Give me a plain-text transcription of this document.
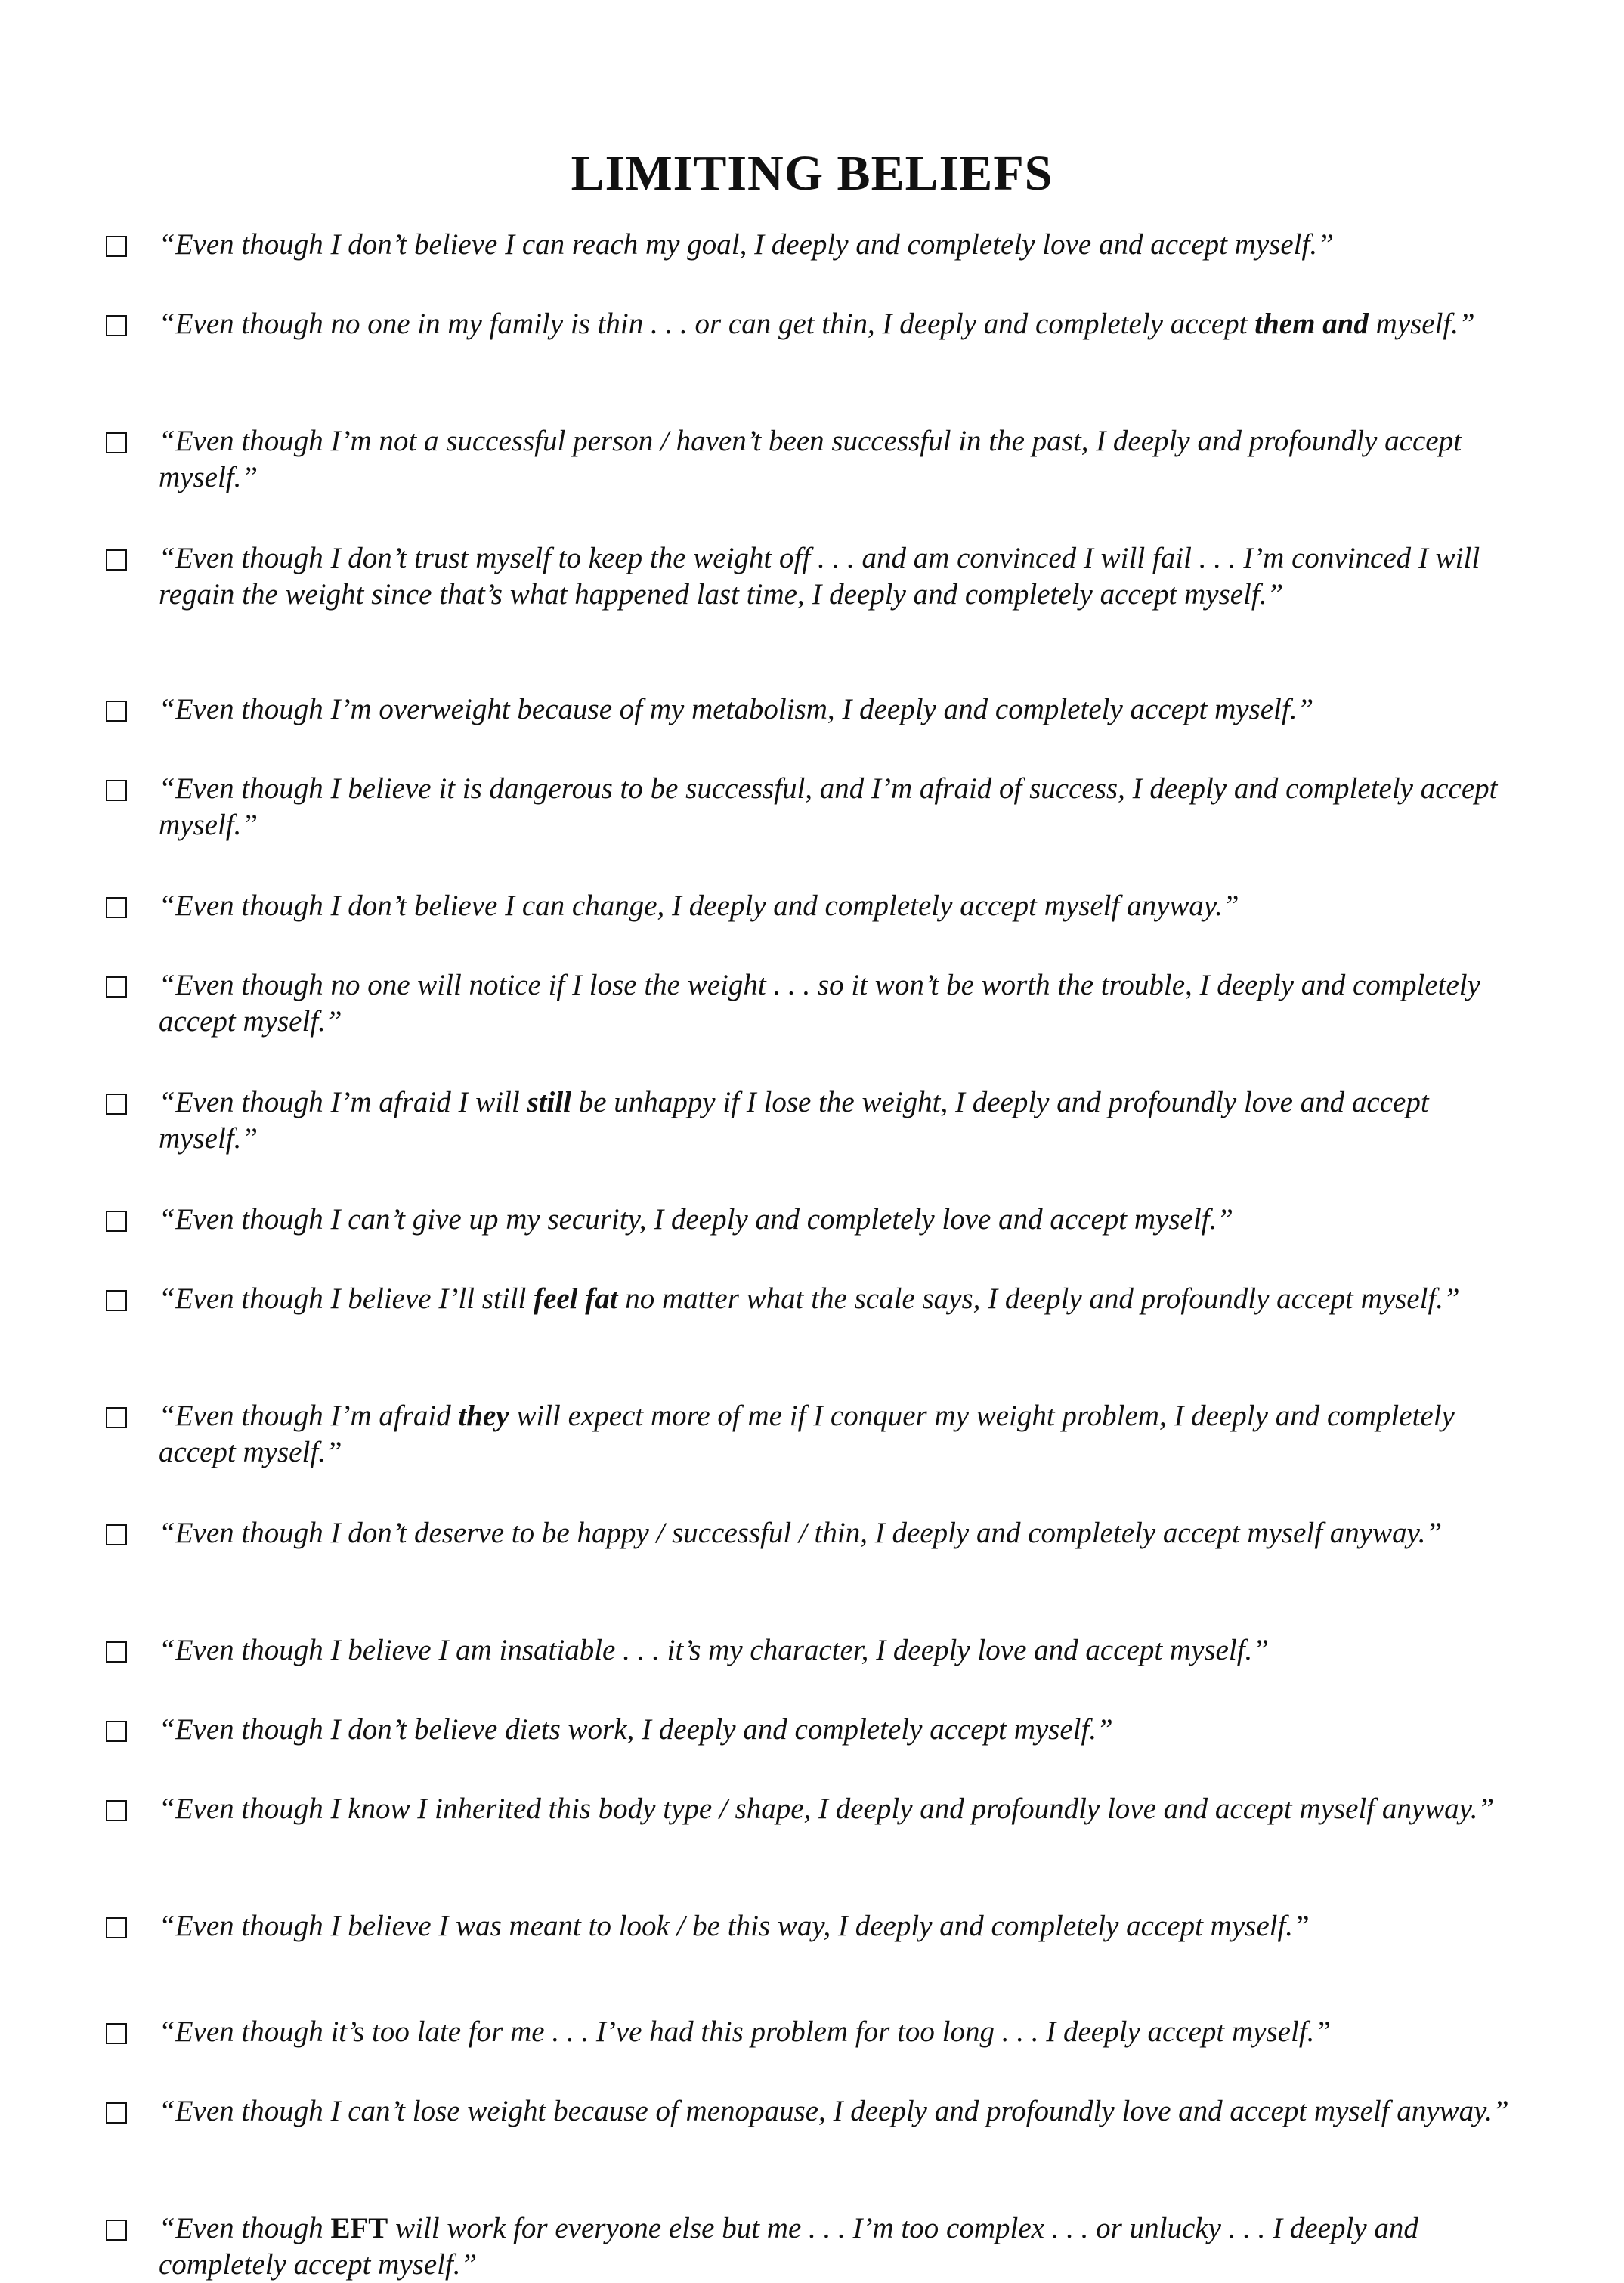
LIMITING BELIEFS

“Even though I don’t believe I can reach my goal, I deeply and completely love and accept myself.”

“Even though no one in my family is thin . . . or can get thin, I deeply and completely accept them and myself.”

“Even though I’m not a successful person / haven’t been successful in the past, I deeply and profoundly accept myself.”

“Even though I don’t trust myself to keep the weight off . . . and am convinced I will fail . . . I’m convinced I will regain the weight since that’s what happened last time, I deeply and completely accept myself.”

“Even though I’m overweight because of my metabolism, I deeply and completely accept myself.”

“Even though I believe it is dangerous to be successful, and I’m afraid of success, I deeply and completely accept myself.”

“Even though I don’t believe I can change, I deeply and completely accept myself anyway.”

“Even though no one will notice if I lose the weight . . . so it won’t be worth the trouble, I deeply and completely accept myself.”

“Even though I’m afraid I will still be unhappy if I lose the weight, I deeply and profoundly love and accept myself.”

“Even though I can’t give up my security, I deeply and completely love and accept myself.”

“Even though I believe I’ll still feel fat no matter what the scale says, I deeply and profoundly accept myself.”

“Even though I’m afraid they will expect more of me if I conquer my weight problem, I deeply and completely accept myself.”

“Even though I don’t deserve to be happy / successful / thin, I deeply and completely accept myself anyway.”

“Even though I believe I am insatiable . . . it’s my character, I deeply love and accept myself.”

“Even though I don’t believe diets work, I deeply and completely accept myself.”

“Even though I know I inherited this body type / shape, I deeply and profoundly love and accept myself anyway.”

“Even though I believe I was meant to look / be this way, I deeply and completely accept myself.”

“Even though it’s too late for me . . . I’ve had this problem for too long . . . I deeply accept myself.”

“Even though I can’t lose weight because of menopause, I deeply and profoundly love and accept myself anyway.”

“Even though EFT will work for everyone else but me . . . I’m too complex . . . or unlucky . . . I deeply and completely accept myself.”
